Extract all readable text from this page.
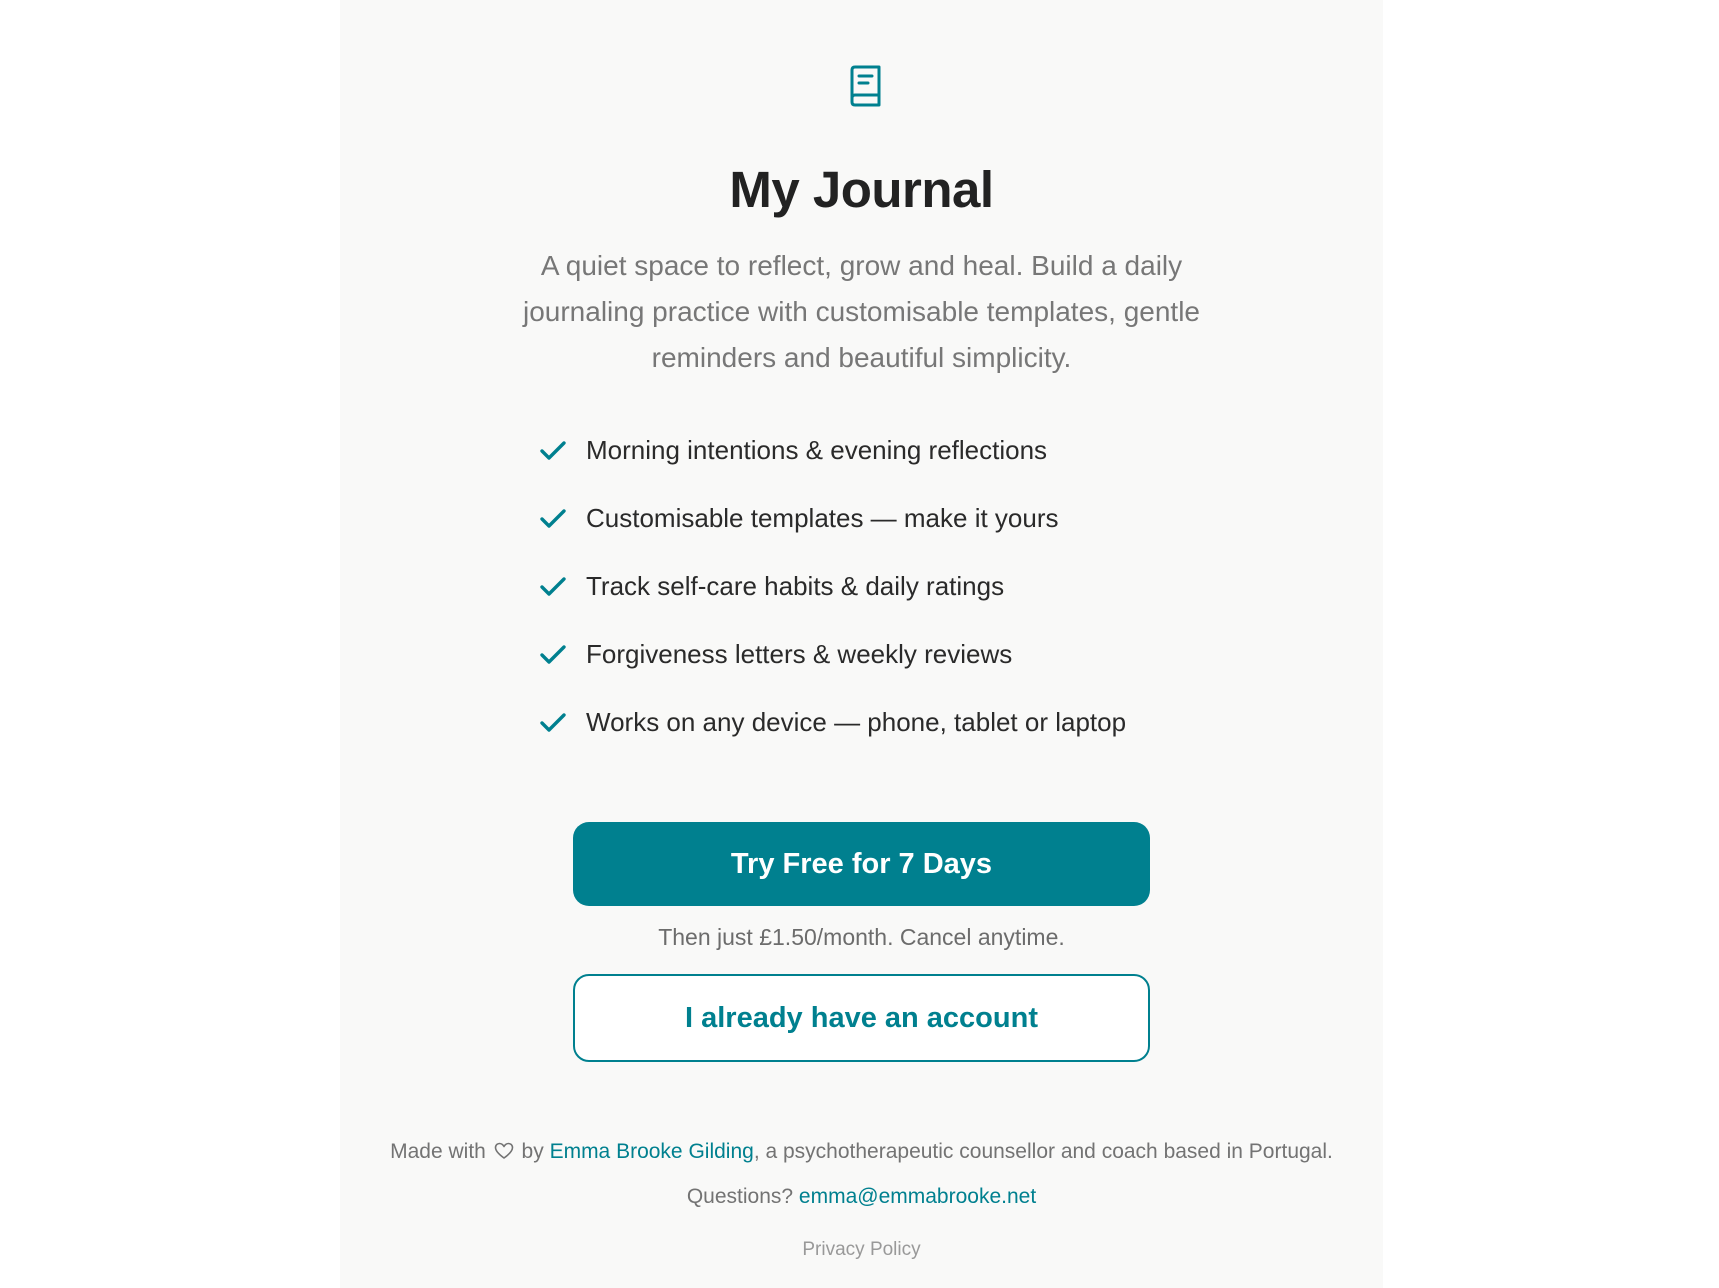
My Journal
A quiet space to reflect, grow and heal. Build a daily journaling practice with customisable templates, gentle reminders and beautiful simplicity.
Morning intentions & evening reflections
Customisable templates — make it yours
Track self-care habits & daily ratings
Forgiveness letters & weekly reviews
Works on any device — phone, tablet or laptop
Try Free for 7 Days
Then just £1.50/month. Cancel anytime.
I already have an account
Made with by Emma Brooke Gilding, a psychotherapeutic counsellor and coach based in Portugal.
Questions? emma@emmabrooke.net
Privacy Policy
